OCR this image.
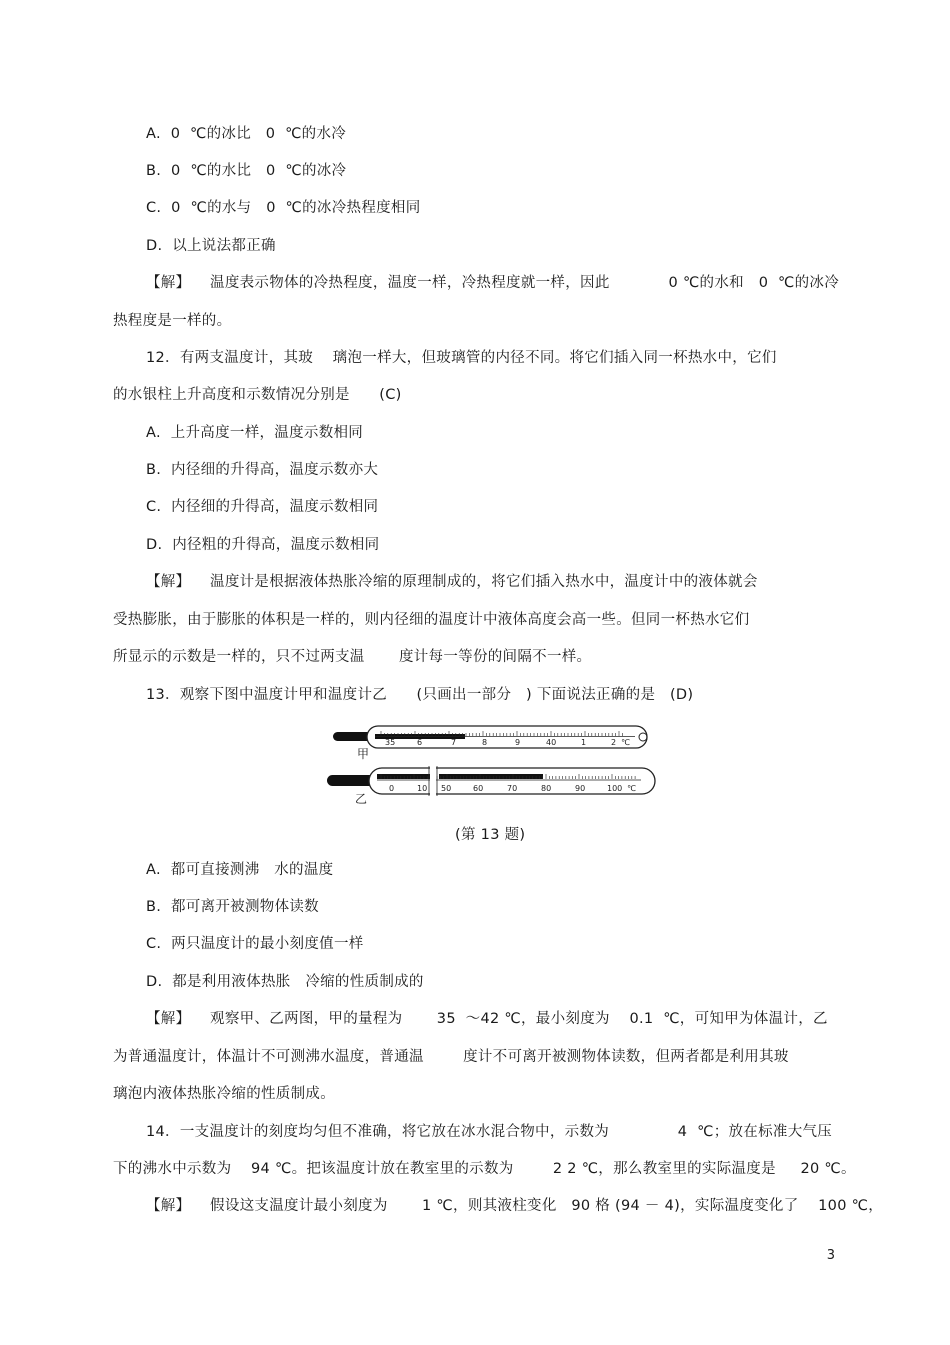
A.  0  ℃的冰比   0  ℃的水冷
B.  0  ℃的水比   0  ℃的冰冷
C.  0  ℃的水与   0  ℃的冰冷热程度相同
D.  以上说法都正确
【解】    温度表示物体的冷热程度，温度一样，冷热程度就一样，因此            0 ℃的水和   0  ℃的冰冷
热程度是一样的。
12．有两支温度计，其玻    璃泡一样大，但玻璃管的内径不同。将它们插入同一杯热水中，它们
的水银柱上升高度和示数情况分别是      (C)
A.  上升高度一样，温度示数相同
B.  内径细的升得高，温度示数亦大
C.  内径细的升得高，温度示数相同
D.  内径粗的升得高，温度示数相同
【解】    温度计是根据液体热胀冷缩的原理制成的，将它们插入热水中，温度计中的液体就会
受热膨胀，由于膨胀的体积是一样的，则内径细的温度计中液体高度会高一些。但同一杯热水它们
所显示的示数是一样的，只不过两支温       度计每一等份的间隔不一样。
13．观察下图中温度计甲和温度计乙      (只画出一部分   ) 下面说法正确的是   (D)
35	6	7	8	9	40	1	2 ℃
甲
0	10 50	60	70	80	90	100 ℃
乙
(第 13 题)
A.  都可直接测沸   水的温度
B.  都可离开被测物体读数
C.  两只温度计的最小刻度值一样
D.  都是利用液体热胀   冷缩的性质制成的
【解】    观察甲、乙两图，甲的量程为       35  ～42 ℃，最小刻度为    0.1  ℃，可知甲为体温计，乙
为普通温度计，体温计不可测沸水温度，普通温        度计不可离开被测物体读数，但两者都是利用其玻
璃泡内液体热胀冷缩的性质制成。
14．一支温度计的刻度均匀但不准确，将它放在冰水混合物中，示数为              4  ℃；放在标准大气压
下的沸水中示数为    94 ℃。把该温度计放在教室里的示数为        2 2 ℃，那么教室里的实际温度是     20 ℃。
【解】    假设这支温度计最小刻度为       1 ℃，则其液柱变化   90 格 (94 － 4)，实际温度变化了    100 ℃，
3
